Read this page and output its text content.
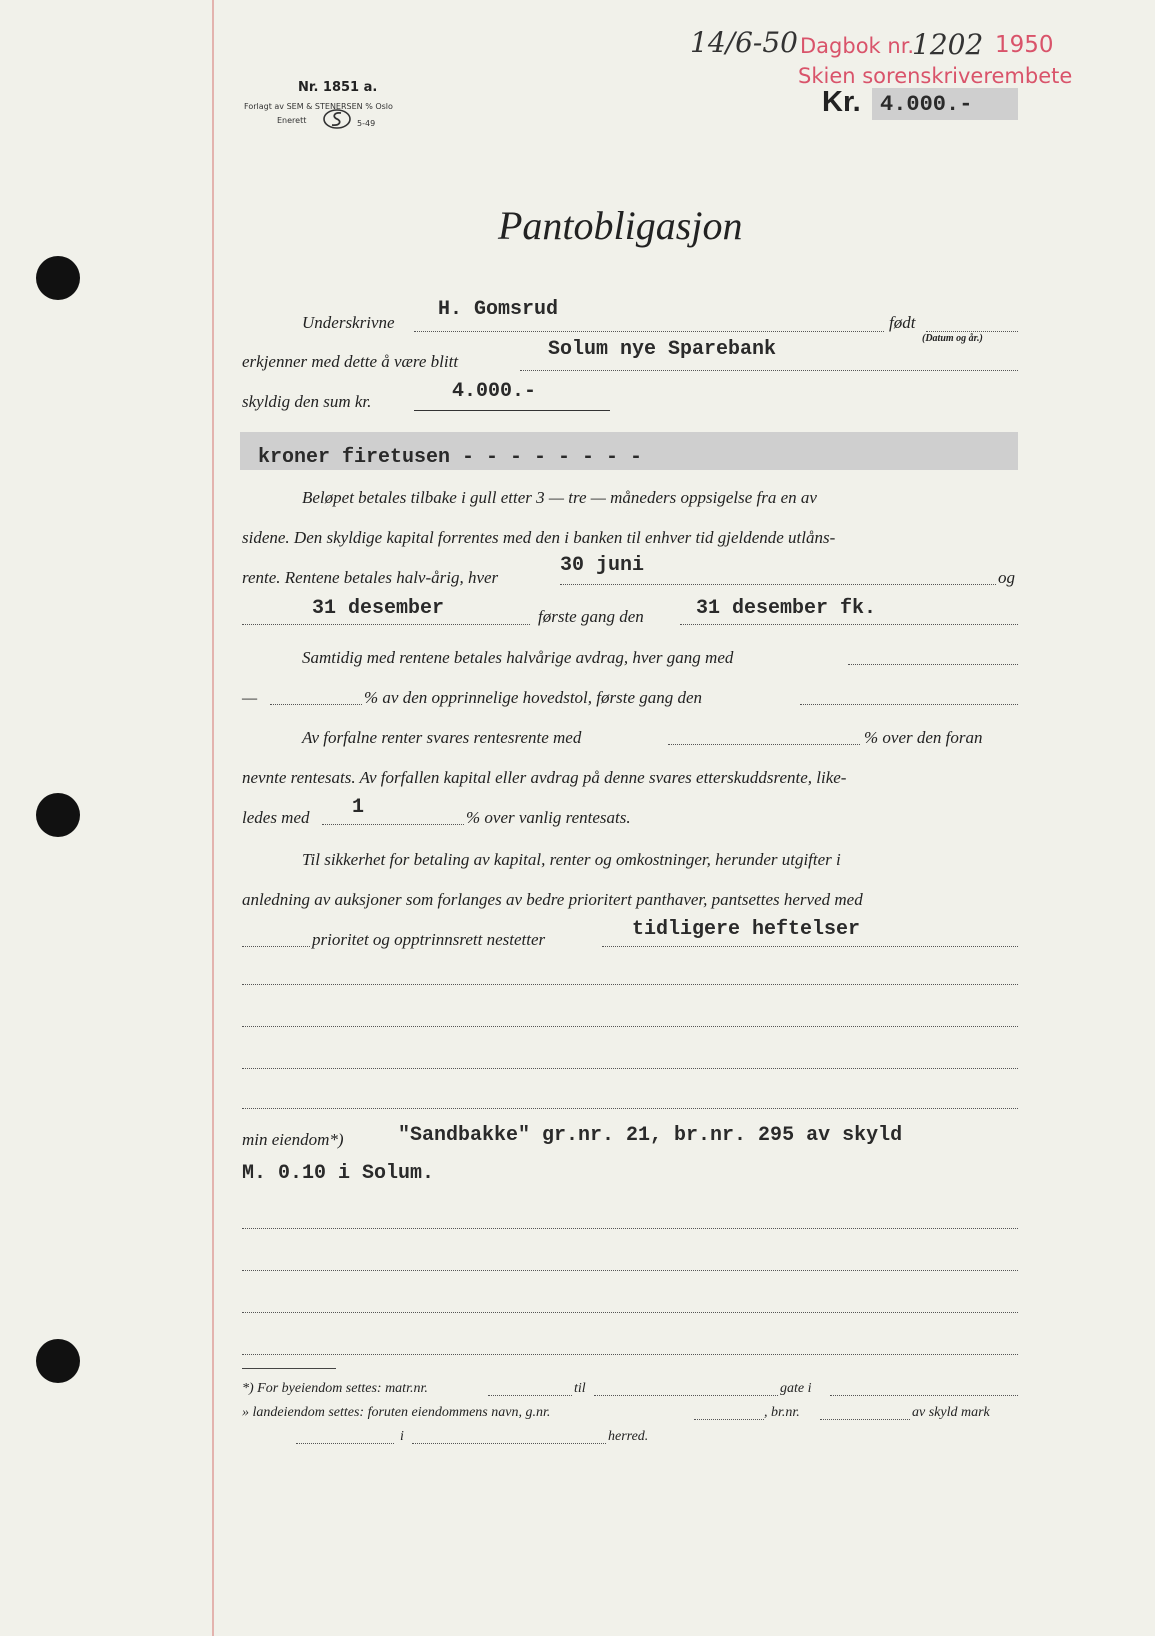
Nr. 1851 a.
Forlagt av SEM & STENERSEN % Oslo
Enerett	5-49
14/6-50 Dagbok nr.
1202 1950
Skien sorenskriverembete
Kr. 4.000.-
Pantobligasjon
Underskrivne
H. Gomsrud
født
(Datum og år.)
erkjenner med dette å være blitt
Solum nye Sparebank
skyldig den sum kr.	4.000.-
kroner firetusen - - - - - - - -
Beløpet betales tilbake i gull etter 3 — tre — måneders oppsigelse fra en av
sidene. Den skyldige kapital forrentes med den i banken til enhver tid gjeldende utlåns-
rente. Rentene betales halv-årig, hver
30 juni
og
31 desember	første gang den	31 desember fk.
Samtidig med rentene betales halvårige avdrag, hver gang med
—	% av den opprinnelige hovedstol, første gang den
Av forfalne renter svares rentesrente med	% over den foran
nevnte rentesats. Av forfallen kapital eller avdrag på denne svares etterskuddsrente, like-
ledes med 1	% over vanlig rentesats.
Til sikkerhet for betaling av kapital, renter og omkostninger, herunder utgifter i
anledning av auksjoner som forlanges av bedre prioritert panthaver, pantsettes herved med
prioritet og opptrinnsrett nestetter	tidligere heftelser
min eiendom*)	"Sandbakke" gr.nr. 21, br.nr. 295 av skyld
M. 0.10 i Solum.
*) For byeiendom settes: matr.nr.	til	gate i
» landeiendom settes: foruten eiendommens navn, g.nr.	, br.nr.	av skyld mark
i	herred.
